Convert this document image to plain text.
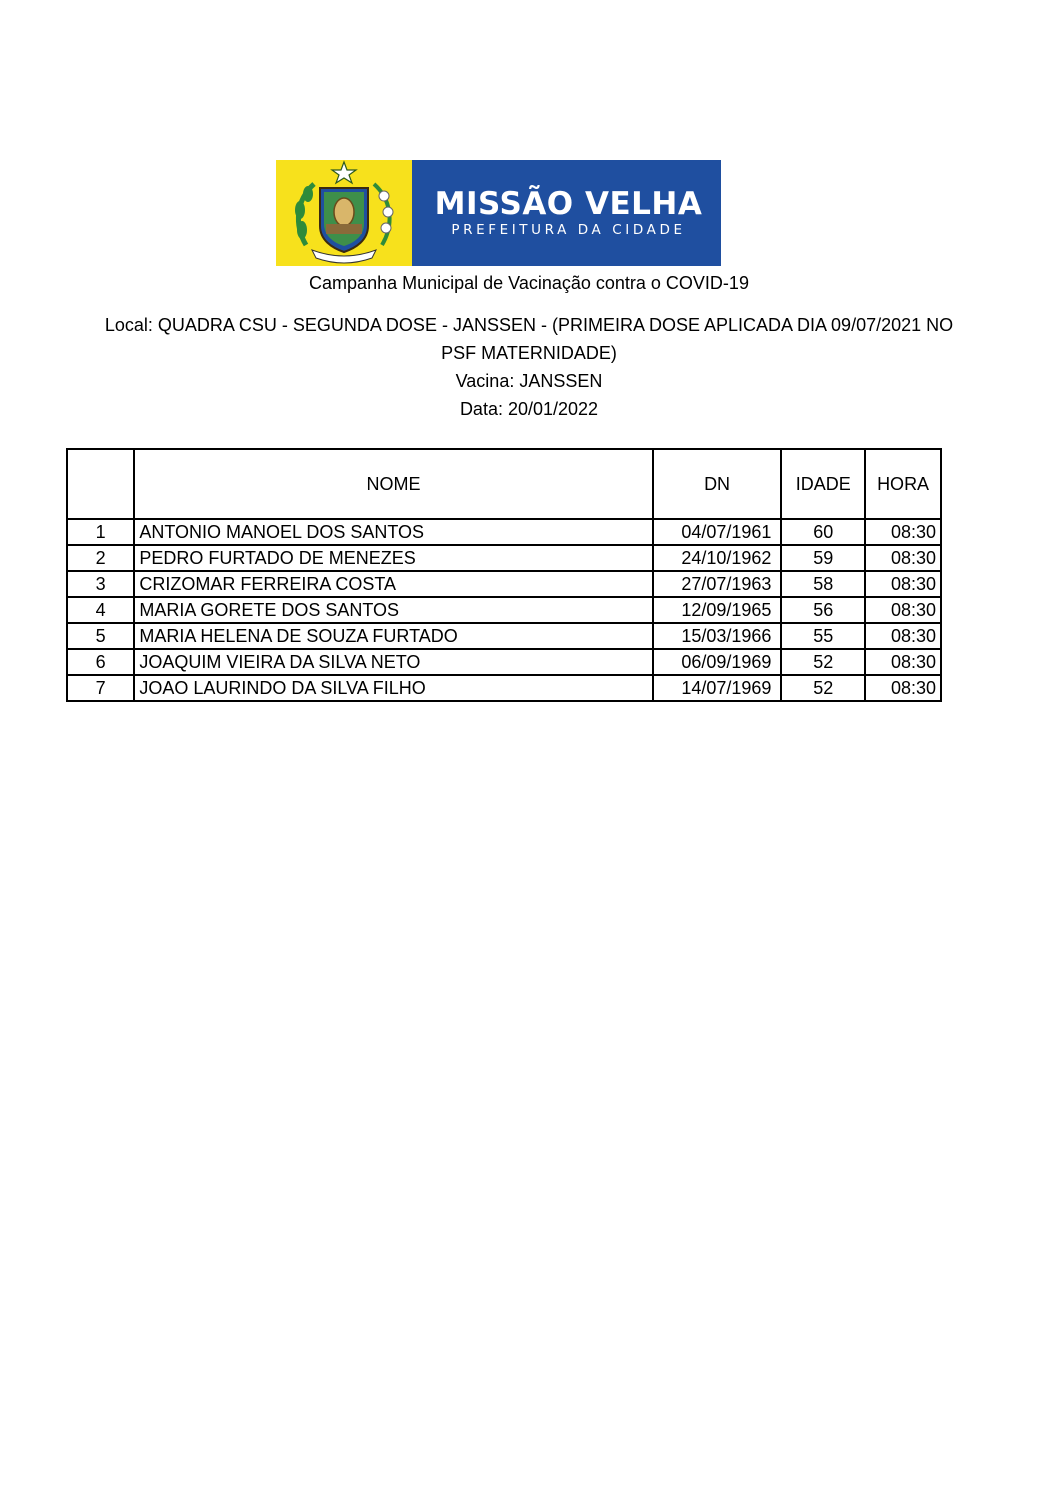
MISSÃO VELHA
PREFEITURA DA CIDADE
Campanha Municipal de Vacinação contra o COVID-19
Local: QUADRA CSU - SEGUNDA DOSE - JANSSEN - (PRIMEIRA DOSE APLICADA DIA 09/07/2021 NO
PSF MATERNIDADE)
Vacina: JANSSEN
Data: 20/01/2022
	NOME	DN	IDADE	HORA
1	ANTONIO MANOEL DOS SANTOS	04/07/1961	60	08:30
2	PEDRO FURTADO DE MENEZES	24/10/1962	59	08:30
3	CRIZOMAR FERREIRA COSTA	27/07/1963	58	08:30
4	MARIA GORETE DOS SANTOS	12/09/1965	56	08:30
5	MARIA HELENA DE SOUZA FURTADO	15/03/1966	55	08:30
6	JOAQUIM VIEIRA DA SILVA NETO	06/09/1969	52	08:30
7	JOAO LAURINDO DA SILVA FILHO	14/07/1969	52	08:30
